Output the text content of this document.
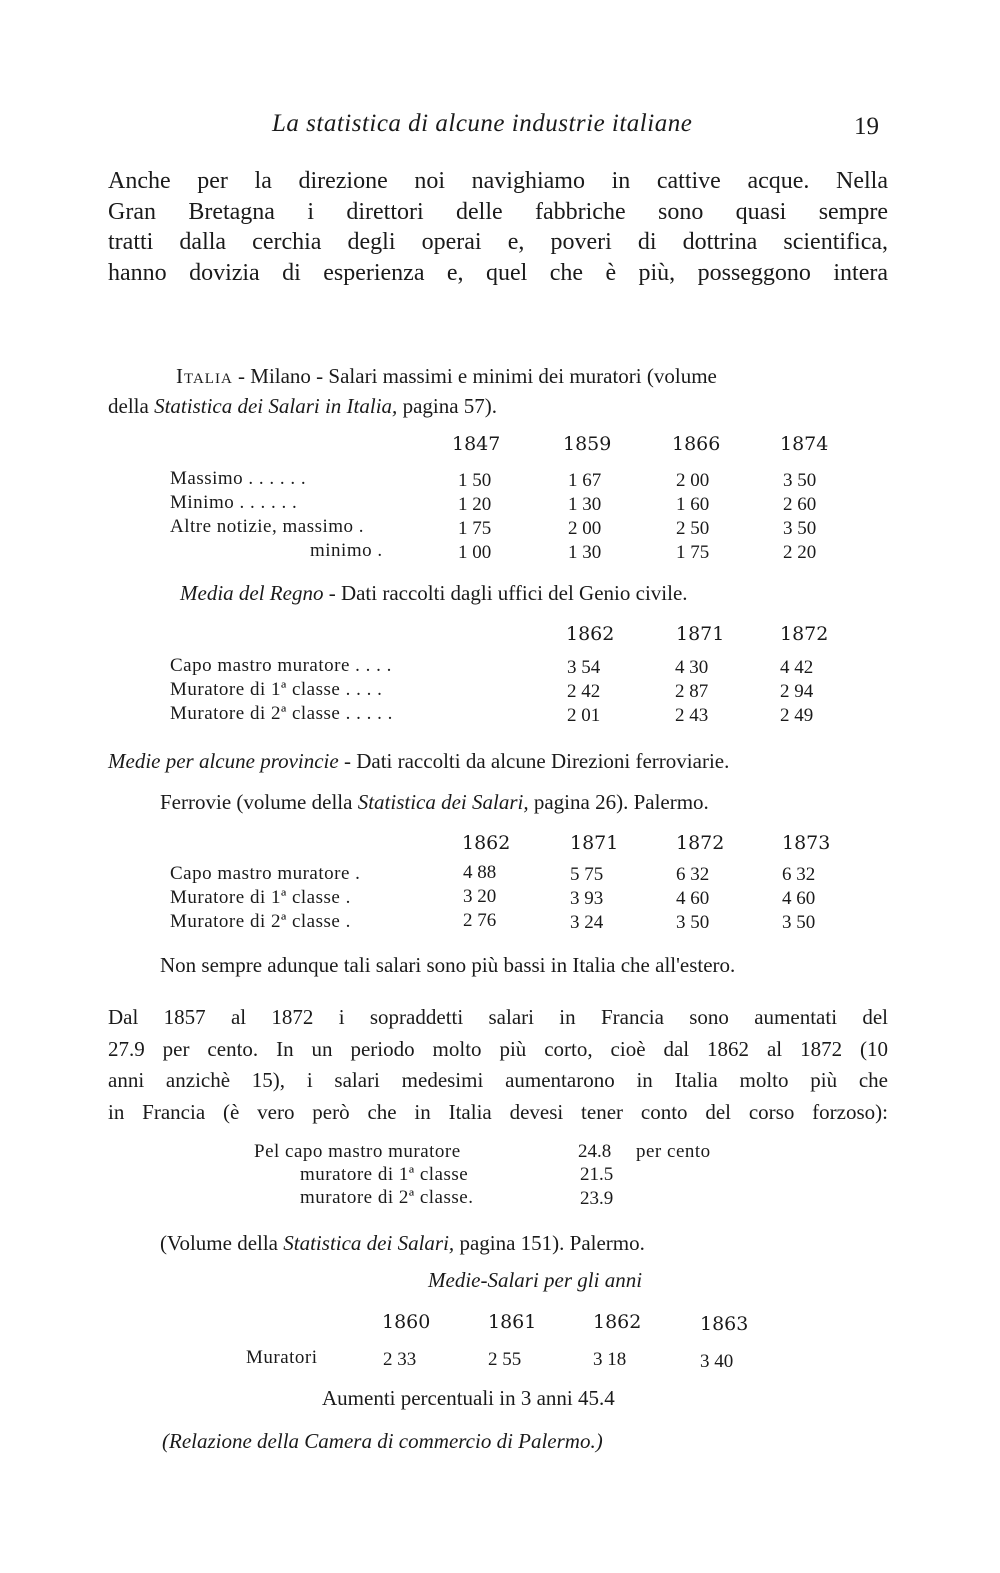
La statistica di alcune industrie italiane	19
Anche per la direzione noi navighiamo in cattive acque. Nella
Gran Bretagna i direttori delle fabbriche sono quasi sempre
tratti dalla cerchia degli operai e, poveri di dottrina scientifica,
hanno dovizia di esperienza e, quel che è più, posseggono intera
Italia - Milano - Salari massimi e minimi dei muratori (volume
della Statistica dei Salari in Italia, pagina 57).
1847	1859	1866	1874
Massimo . . . . . .	1 50	1 67	2 00	3 50
Minimo . . . . . .	1 20	1 30	1 60	2 60
Altre notizie, massimo .	1 75	2 00	2 50	3 50
minimo .	1 00	1 30	1 75	2 20
Media del Regno - Dati raccolti dagli uffici del Genio civile.
1862	1871	1872
Capo mastro muratore . . . .	3 54	4 30	4 42
Muratore di 1ª classe . . . .	2 42	2 87	2 94
Muratore di 2ª classe . . . . .	2 01	2 43	2 49
Medie per alcune provincie - Dati raccolti da alcune Direzioni ferroviarie.
Ferrovie (volume della Statistica dei Salari, pagina 26). Palermo.
1862	1871	1872	1873
Capo mastro muratore .	4 88	5 75	6 32	6 32
Muratore di 1ª classe .	3 20	3 93	4 60	4 60
Muratore di 2ª classe .	2 76	3 24	3 50	3 50
Non sempre adunque tali salari sono più bassi in Italia che all'estero.
Dal 1857 al 1872 i sopraddetti salari in Francia sono aumentati del
27.9 per cento. In un periodo molto più corto, cioè dal 1862 al 1872 (10
anni anzichè 15), i salari medesimi aumentarono in Italia molto più che
in Francia (è vero però che in Italia devesi tener conto del corso forzoso):
Pel capo mastro muratore	24.8 per cento
muratore di 1ª classe	21.5
muratore di 2ª classe.	23.9
(Volume della Statistica dei Salari, pagina 151). Palermo.
Medie-Salari per gli anni
1860	1861	1862	1863
Muratori	2 33	2 55	3 18	3 40
Aumenti percentuali in 3 anni 45.4
(Relazione della Camera di commercio di Palermo.)
